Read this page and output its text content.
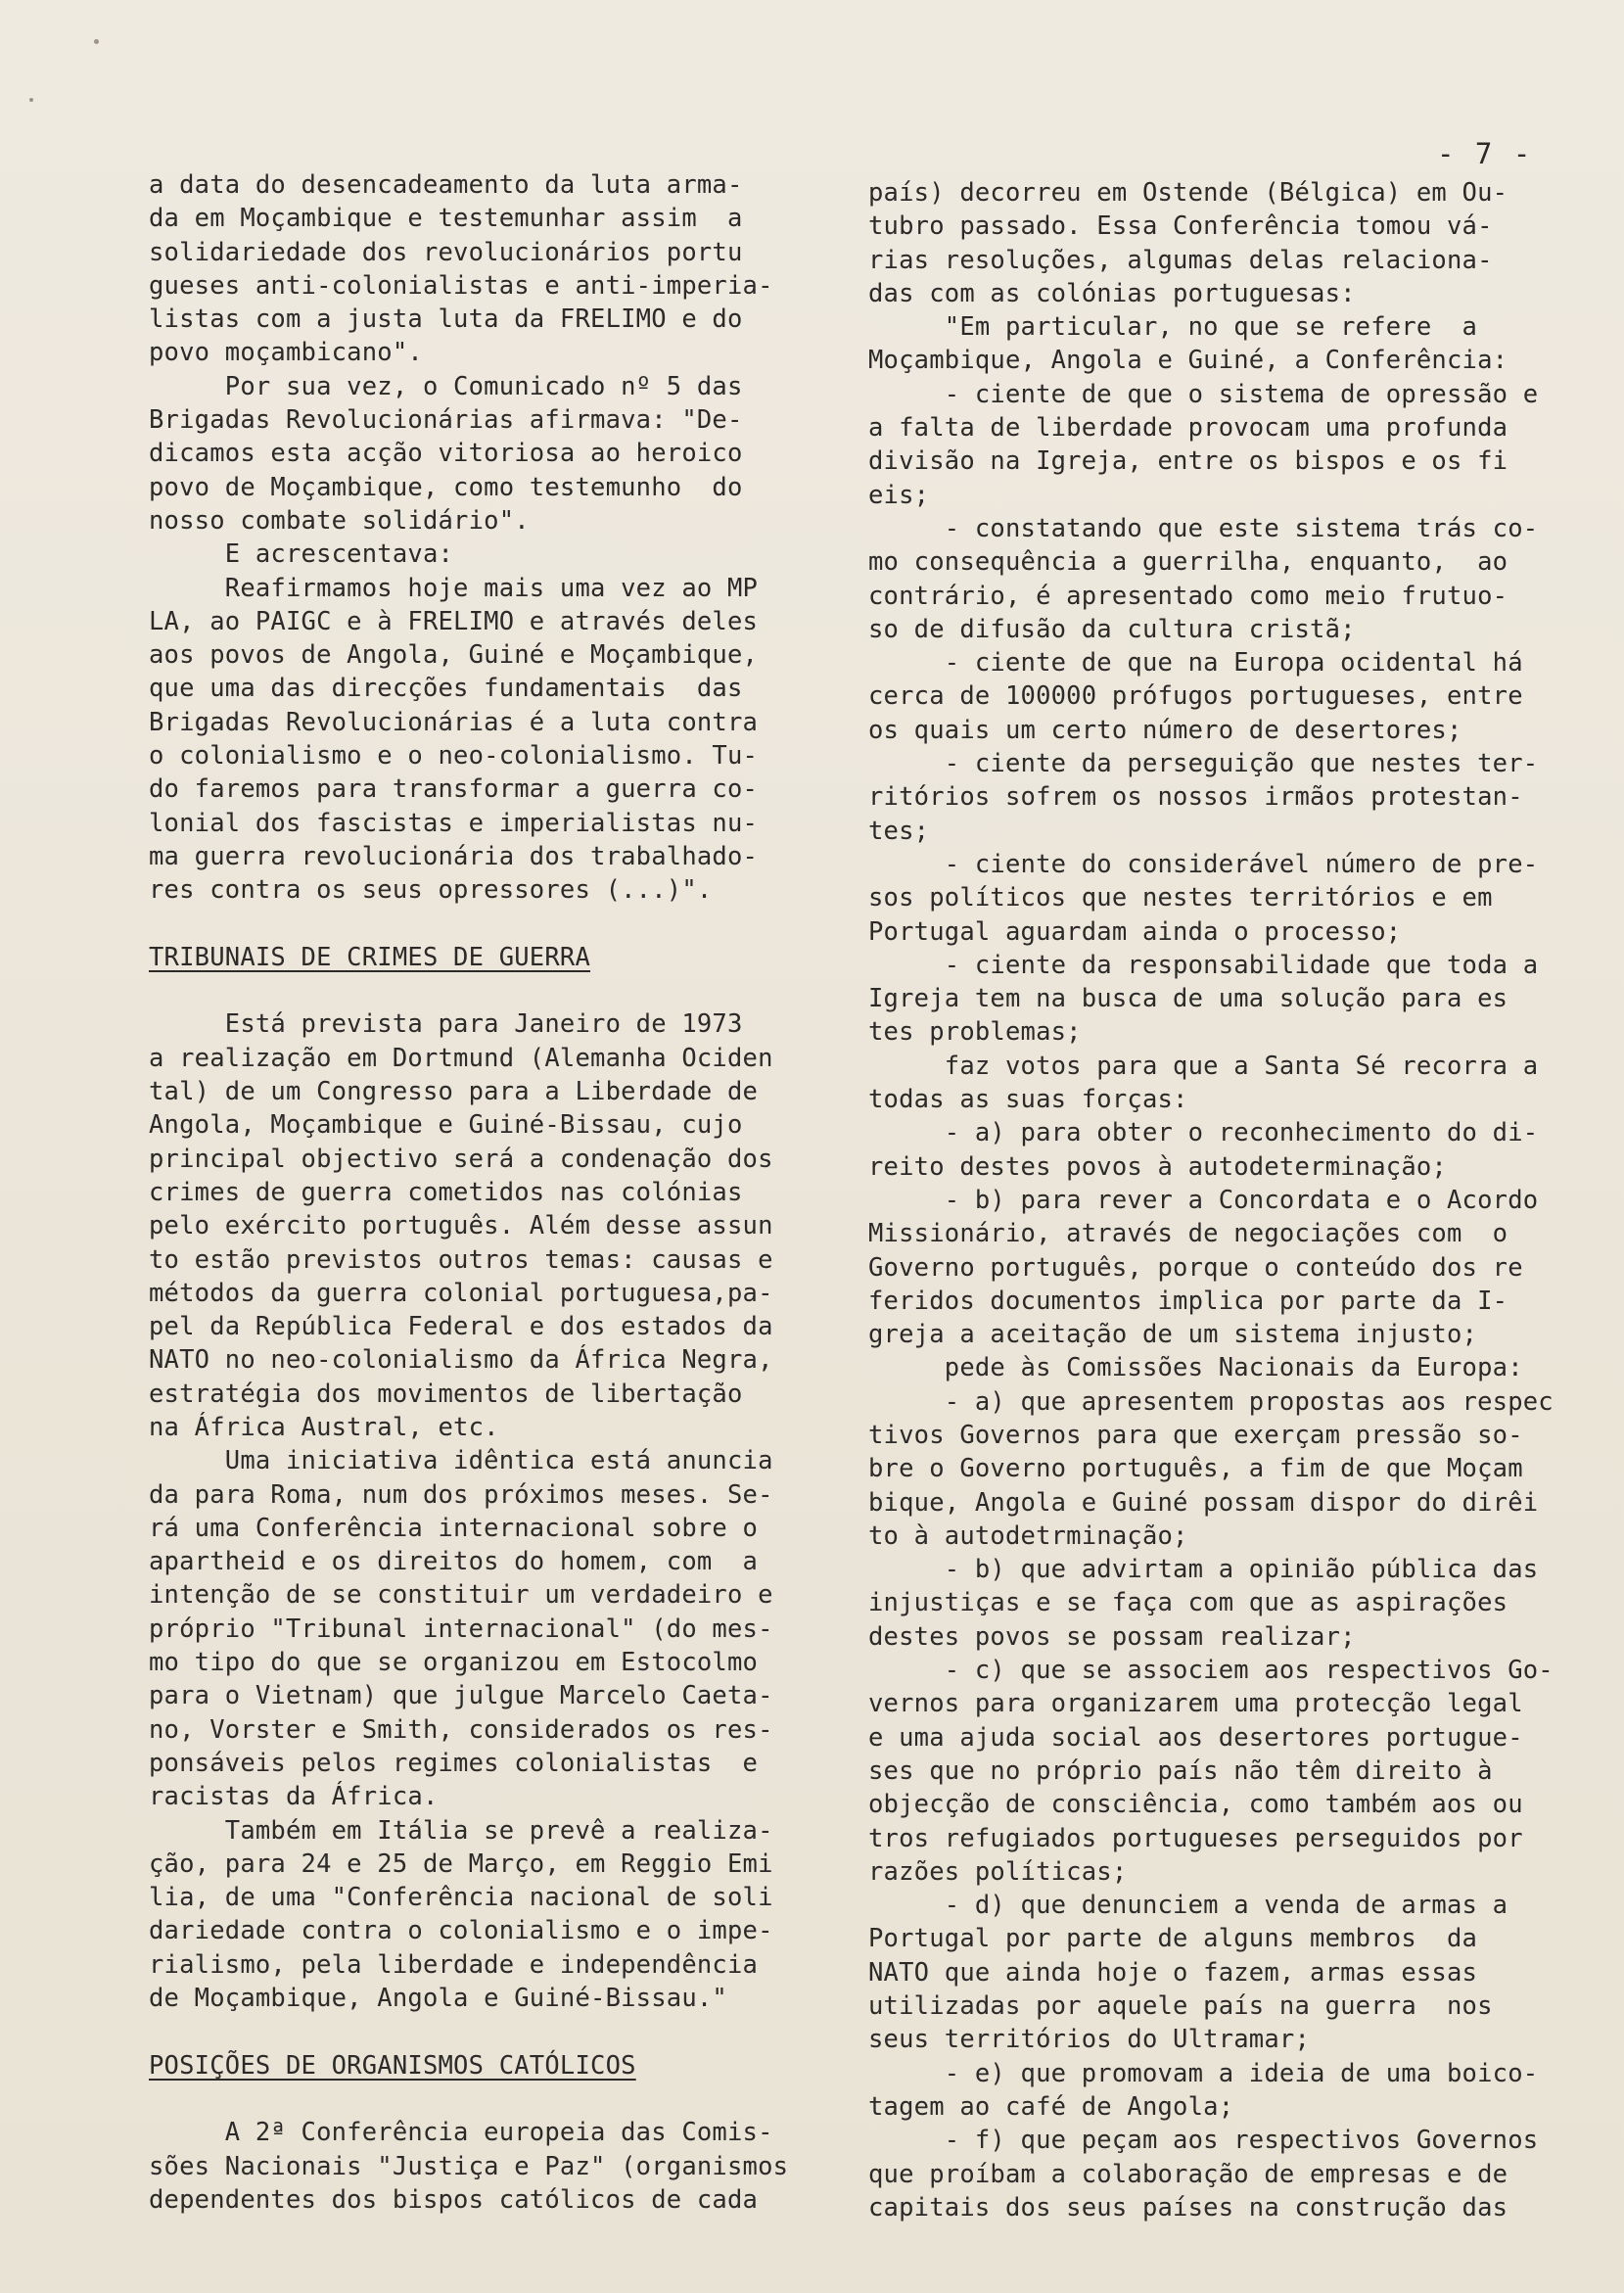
- 7 -
a data do desencadeamento da luta arma-
da em Moçambique e testemunhar assim  a
solidariedade dos revolucionários portu
gueses anti-colonialistas e anti-imperia-
listas com a justa luta da FRELIMO e do
povo moçambicano".
Por sua vez, o Comunicado nº 5 das
Brigadas Revolucionárias afirmava: "De-
dicamos esta acção vitoriosa ao heroico
povo de Moçambique, como testemunho  do
nosso combate solidário".
E acrescentava:
Reafirmamos hoje mais uma vez ao MP
LA, ao PAIGC e à FRELIMO e através deles
aos povos de Angola, Guiné e Moçambique,
que uma das direcções fundamentais  das
Brigadas Revolucionárias é a luta contra
o colonialismo e o neo-colonialismo. Tu-
do faremos para transformar a guerra co-
lonial dos fascistas e imperialistas nu-
ma guerra revolucionária dos trabalhado-
res contra os seus opressores (...)".
TRIBUNAIS DE CRIMES DE GUERRA
Está prevista para Janeiro de 1973
a realização em Dortmund (Alemanha Ociden
tal) de um Congresso para a Liberdade de
Angola, Moçambique e Guiné-Bissau, cujo
principal objectivo será a condenação dos
crimes de guerra cometidos nas colónias
pelo exército português. Além desse assun
to estão previstos outros temas: causas e
métodos da guerra colonial portuguesa,pa-
pel da República Federal e dos estados da
NATO no neo-colonialismo da África Negra,
estratégia dos movimentos de libertação
na África Austral, etc.
Uma iniciativa idêntica está anuncia
da para Roma, num dos próximos meses. Se-
rá uma Conferência internacional sobre o
apartheid e os direitos do homem, com  a
intenção de se constituir um verdadeiro e
próprio "Tribunal internacional" (do mes-
mo tipo do que se organizou em Estocolmo
para o Vietnam) que julgue Marcelo Caeta-
no, Vorster e Smith, considerados os res-
ponsáveis pelos regimes colonialistas  e
racistas da África.
Também em Itália se prevê a realiza-
ção, para 24 e 25 de Março, em Reggio Emi
lia, de uma "Conferência nacional de soli
dariedade contra o colonialismo e o impe-
rialismo, pela liberdade e independência
de Moçambique, Angola e Guiné-Bissau."
POSIÇÕES DE ORGANISMOS CATÓLICOS
A 2ª Conferência europeia das Comis-
sões Nacionais "Justiça e Paz" (organismos
dependentes dos bispos católicos de cada
país) decorreu em Ostende (Bélgica) em Ou-
tubro passado. Essa Conferência tomou vá-
rias resoluções, algumas delas relaciona-
das com as colónias portuguesas:
"Em particular, no que se refere  a
Moçambique, Angola e Guiné, a Conferência:
- ciente de que o sistema de opressão e
a falta de liberdade provocam uma profunda
divisão na Igreja, entre os bispos e os fi
eis;
- constatando que este sistema trás co-
mo consequência a guerrilha, enquanto,  ao
contrário, é apresentado como meio frutuo-
so de difusão da cultura cristã;
- ciente de que na Europa ocidental há
cerca de 100000 prófugos portugueses, entre
os quais um certo número de desertores;
- ciente da perseguição que nestes ter-
ritórios sofrem os nossos irmãos protestan-
tes;
- ciente do considerável número de pre-
sos políticos que nestes territórios e em
Portugal aguardam ainda o processo;
- ciente da responsabilidade que toda a
Igreja tem na busca de uma solução para es
tes problemas;
faz votos para que a Santa Sé recorra a
todas as suas forças:
- a) para obter o reconhecimento do di-
reito destes povos à autodeterminação;
- b) para rever a Concordata e o Acordo
Missionário, através de negociações com  o
Governo português, porque o conteúdo dos re
feridos documentos implica por parte da I-
greja a aceitação de um sistema injusto;
pede às Comissões Nacionais da Europa:
- a) que apresentem propostas aos respec
tivos Governos para que exerçam pressão so-
bre o Governo português, a fim de que Moçam
bique, Angola e Guiné possam dispor do dirêi
to à autodetrminação;
- b) que advirtam a opinião pública das
injustiças e se faça com que as aspirações
destes povos se possam realizar;
- c) que se associem aos respectivos Go-
vernos para organizarem uma protecção legal
e uma ajuda social aos desertores portugue-
ses que no próprio país não têm direito à
objecção de consciência, como também aos ou
tros refugiados portugueses perseguidos por
razões políticas;
- d) que denunciem a venda de armas a
Portugal por parte de alguns membros  da
NATO que ainda hoje o fazem, armas essas
utilizadas por aquele país na guerra  nos
seus territórios do Ultramar;
- e) que promovam a ideia de uma boico-
tagem ao café de Angola;
- f) que peçam aos respectivos Governos
que proíbam a colaboração de empresas e de
capitais dos seus países na construção das
